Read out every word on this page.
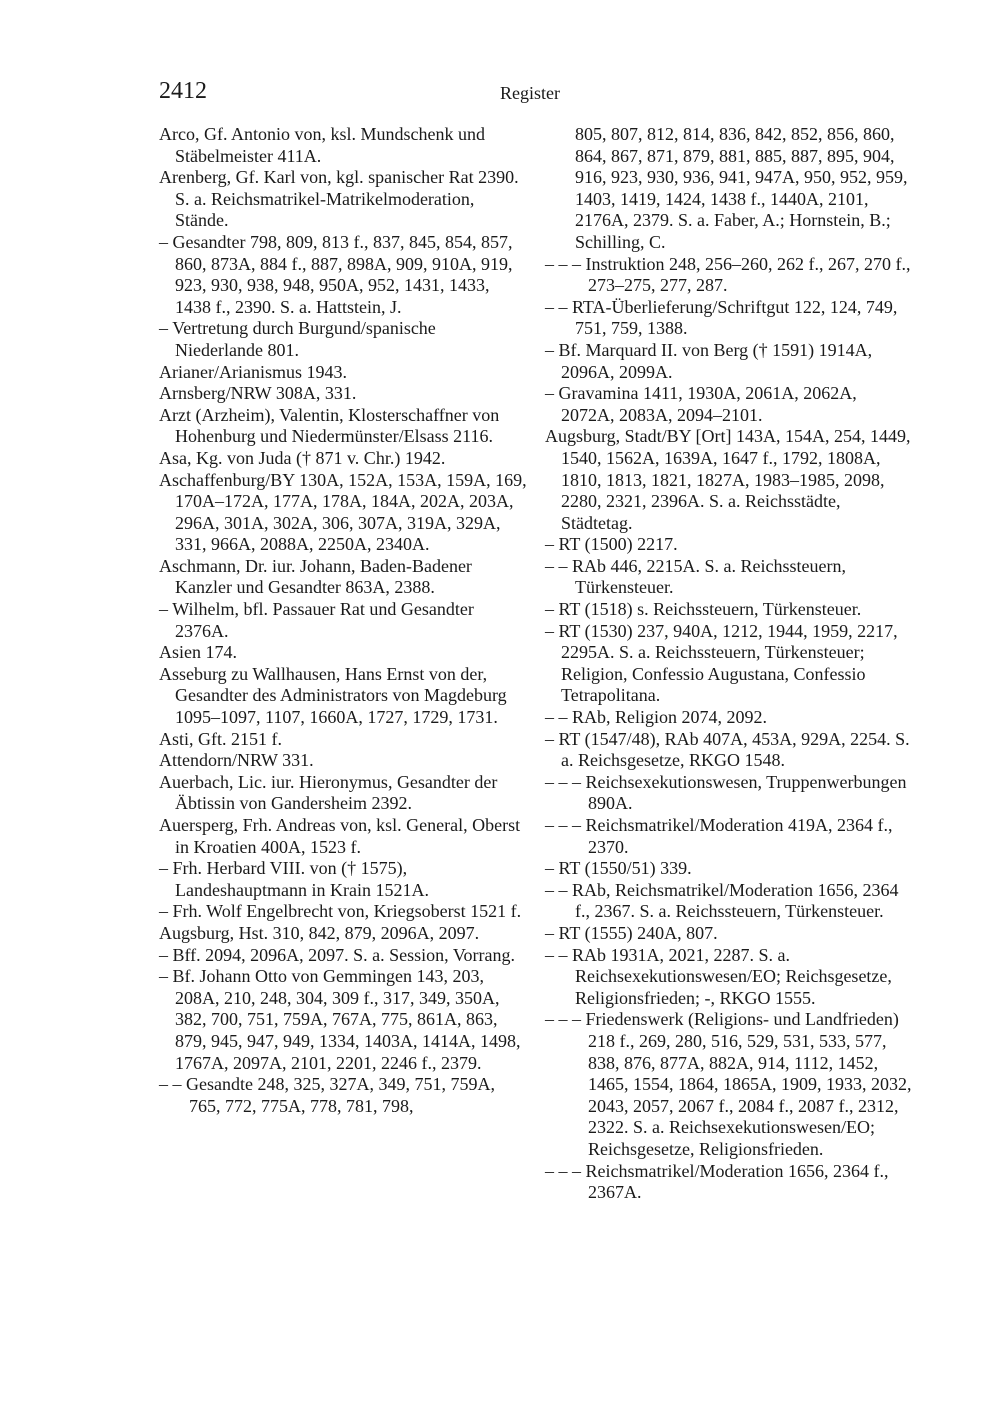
2412	Register

Arco, Gf. Antonio von, ksl. Mundschenk und Stäbelmeister 411A.

Arenberg, Gf. Karl von, kgl. spanischer Rat 2390. S. a. Reichsmatrikel-Matrikelmoderation, Stände.

– Gesandter 798, 809, 813 f., 837, 845, 854, 857, 860, 873A, 884 f., 887, 898A, 909, 910A, 919, 923, 930, 938, 948, 950A, 952, 1431, 1433, 1438 f., 2390. S. a. Hattstein, J.

– Vertretung durch Burgund/spanische Niederlande 801.

Arianer/Arianismus 1943.

Arnsberg/NRW 308A, 331.

Arzt (Arzheim), Valentin, Klosterschaffner von Hohenburg und Niedermünster/Elsass 2116.

Asa, Kg. von Juda († 871 v. Chr.) 1942.

Aschaffenburg/BY 130A, 152A, 153A, 159A, 169, 170A–172A, 177A, 178A, 184A, 202A, 203A, 296A, 301A, 302A, 306, 307A, 319A, 329A, 331, 966A, 2088A, 2250A, 2340A.

Aschmann, Dr. iur. Johann, Baden-Badener Kanzler und Gesandter 863A, 2388.

– Wilhelm, bfl. Passauer Rat und Gesandter 2376A.

Asien 174.

Asseburg zu Wallhausen, Hans Ernst von der, Gesandter des Administrators von Magdeburg 1095–1097, 1107, 1660A, 1727, 1729, 1731.

Asti, Gft. 2151 f.

Attendorn/NRW 331.

Auerbach, Lic. iur. Hieronymus, Gesandter der Äbtissin von Gandersheim 2392.

Auersperg, Frh. Andreas von, ksl. General, Oberst in Kroatien 400A, 1523 f.

– Frh. Herbard VIII. von († 1575), Landeshauptmann in Krain 1521A.

– Frh. Wolf Engelbrecht von, Kriegsoberst 1521 f.

Augsburg, Hst. 310, 842, 879, 2096A, 2097.

– Bff. 2094, 2096A, 2097. S. a. Session, Vorrang.

– Bf. Johann Otto von Gemmingen 143, 203, 208A, 210, 248, 304, 309 f., 317, 349, 350A, 382, 700, 751, 759A, 767A, 775, 861A, 863, 879, 945, 947, 949, 1334, 1403A, 1414A, 1498, 1767A, 2097A, 2101, 2201, 2246 f., 2379.

– – Gesandte 248, 325, 327A, 349, 751, 759A, 765, 772, 775A, 778, 781, 798,

805, 807, 812, 814, 836, 842, 852, 856, 860, 864, 867, 871, 879, 881, 885, 887, 895, 904, 916, 923, 930, 936, 941, 947A, 950, 952, 959, 1403, 1419, 1424, 1438 f., 1440A, 2101, 2176A, 2379. S. a. Faber, A.; Hornstein, B.; Schilling, C.

– – – Instruktion 248, 256–260, 262 f., 267, 270 f., 273–275, 277, 287.

– – RTA-Überlieferung/Schriftgut 122, 124, 749, 751, 759, 1388.

– Bf. Marquard II. von Berg († 1591) 1914A, 2096A, 2099A.

– Gravamina 1411, 1930A, 2061A, 2062A, 2072A, 2083A, 2094–2101.

Augsburg, Stadt/BY [Ort] 143A, 154A, 254, 1449, 1540, 1562A, 1639A, 1647 f., 1792, 1808A, 1810, 1813, 1821, 1827A, 1983–1985, 2098, 2280, 2321, 2396A. S. a. Reichsstädte, Städtetag.

– RT (1500) 2217.

– – RAb 446, 2215A. S. a. Reichssteuern, Türkensteuer.

– RT (1518) s. Reichssteuern, Türkensteuer.

– RT (1530) 237, 940A, 1212, 1944, 1959, 2217, 2295A. S. a. Reichssteuern, Türkensteuer; Religion, Confessio Augustana, Confessio Tetrapolitana.

– – RAb, Religion 2074, 2092.

– RT (1547/48), RAb 407A, 453A, 929A, 2254. S. a. Reichsgesetze, RKGO 1548.

– – – Reichsexekutionswesen, Truppenwerbungen 890A.

– – – Reichsmatrikel/Moderation 419A, 2364 f., 2370.

– RT (1550/51) 339.

– – RAb, Reichsmatrikel/Moderation 1656, 2364 f., 2367. S. a. Reichssteuern, Türkensteuer.

– RT (1555) 240A, 807.

– – RAb 1931A, 2021, 2287. S. a. Reichsexekutionswesen/EO; Reichsgesetze, Religionsfrieden; -, RKGO 1555.

– – – Friedenswerk (Religions- und Landfrieden) 218 f., 269, 280, 516, 529, 531, 533, 577, 838, 876, 877A, 882A, 914, 1112, 1452, 1465, 1554, 1864, 1865A, 1909, 1933, 2032, 2043, 2057, 2067 f., 2084 f., 2087 f., 2312, 2322. S. a. Reichsexekutionswesen/EO; Reichsgesetze, Religionsfrieden.

– – – Reichsmatrikel/Moderation 1656, 2364 f., 2367A.
